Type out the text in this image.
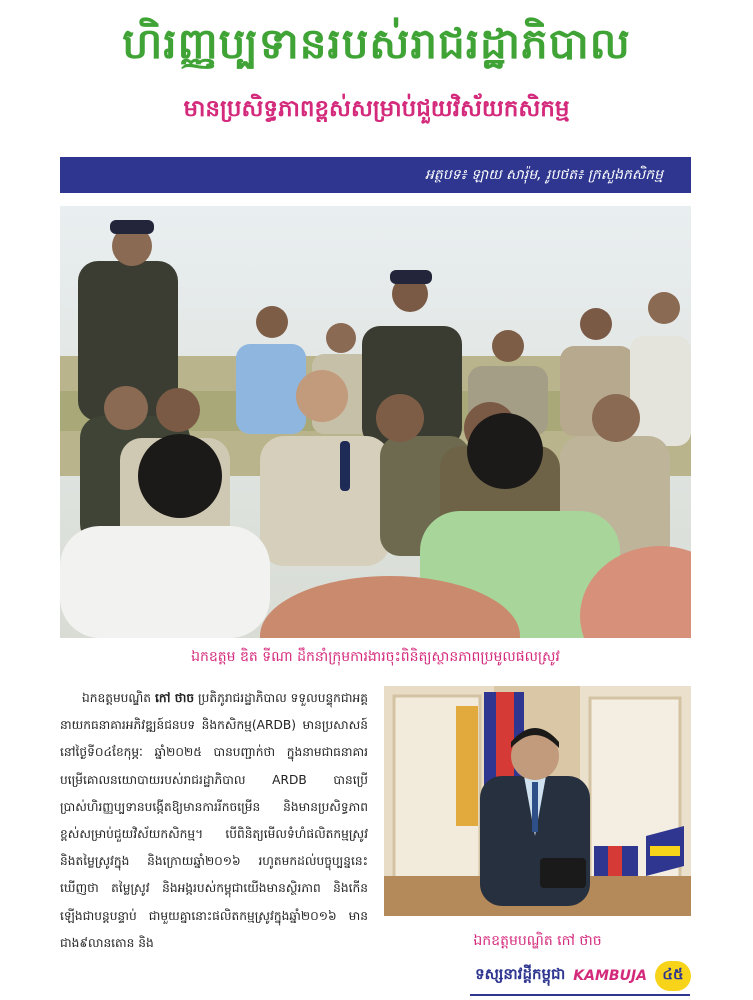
ហិរញ្ញប្បទានរបស់រាជរដ្ឋាភិបាល
មានប្រសិទ្ធភាពខ្ពស់សម្រាប់ជួយវិស័យកសិកម្ម
អត្ថបទ៖ ឡាយ សារ៉ុម, រូបថត៖ ក្រសួងកសិកម្ម
ឯកឧត្តម ឌិត ទីណា ដឹកនាំក្រុមការងារចុះពិនិត្យស្ថានភាពប្រមូលផលស្រូវ
ឯកឧត្តមបណ្ឌិត កៅ ថាច ប្រតិភូរាជរដ្ឋាភិបាល ទទួលបន្ទុកជាអគ្គនាយកធនាគារអភិវឌ្ឍន៍ជនបទ និងកសិកម្ម(ARDB) មានប្រសាសន៍នៅថ្ងៃទី០៤ខែកុម្ភៈ ឆ្នាំ២០២៥ បានបញ្ជាក់ថា ក្នុងនាមជាធនាគារបម្រើគោលនយោបាយរបស់រាជរដ្ឋាភិបាល ARDB បានប្រើប្រាស់ហិរញ្ញប្បទានបង្កើតឱ្យមានការរីកចម្រើន និងមានប្រសិទ្ធភាពខ្ពស់សម្រាប់ជួយវិស័យកសិកម្ម។ បើពិនិត្យមើលទំហំផលិតកម្មស្រូវ និងតម្លៃស្រូវក្នុង និងក្រោយឆ្នាំ២០១៦ រហូតមកដល់បច្ចុប្បន្ននេះឃើញថា តម្លៃស្រូវ និងអង្ករបស់កម្ពុជាយើងមានស្ថិរភាព និងកើនឡើងជាបន្តបន្ទាប់ ជាមួយគ្នានោះផលិតកម្មស្រូវក្នុងឆ្នាំ២០១៦ មានជាង៩លានតោន និង	ឯកឧត្តមបណ្ឌិត កៅ ថាច
ទស្សនាវដ្តីកម្ពុជា KAMBUJA ៤៥
